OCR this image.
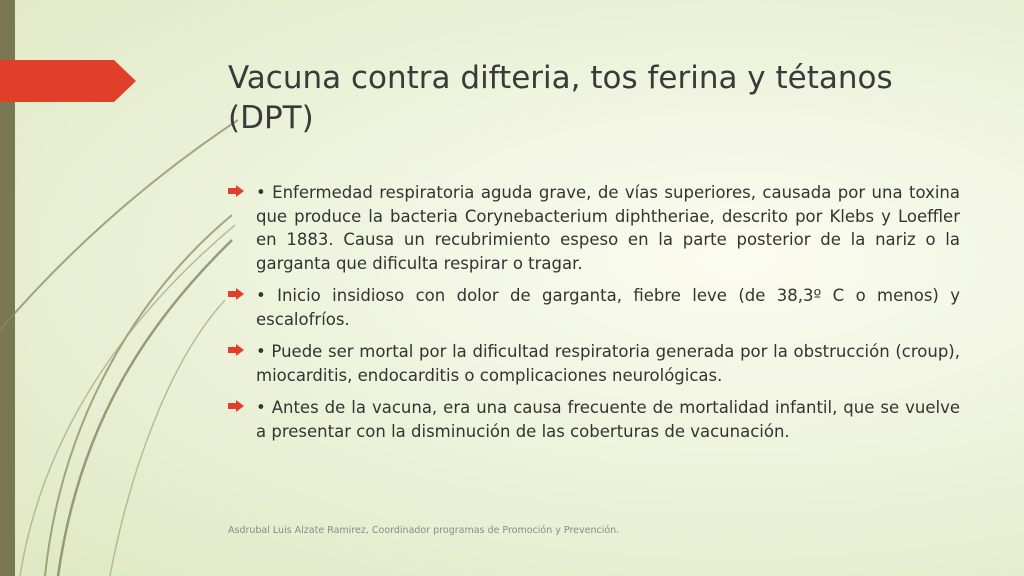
Vacuna contra difteria, tos ferina y tétanos (DPT)
• Enfermedad respiratoria aguda grave, de vías superiores, causada por una toxina que produce la bacteria Corynebacterium diphtheriae, descrito por Klebs y Loeffler en 1883. Causa un recubrimiento espeso en la parte posterior de la nariz o la garganta que dificulta respirar o tragar.
• Inicio insidioso con dolor de garganta, fiebre leve (de 38,3º C o menos) y escalofríos.
• Puede ser mortal por la dificultad respiratoria generada por la obstrucción (croup), miocarditis, endocarditis o complicaciones neurológicas.
• Antes de la vacuna, era una causa frecuente de mortalidad infantil, que se vuelve a presentar con la disminución de las coberturas de vacunación.
Asdrubal Luis Alzate Ramirez, Coordinador programas de Promoción y Prevención.
